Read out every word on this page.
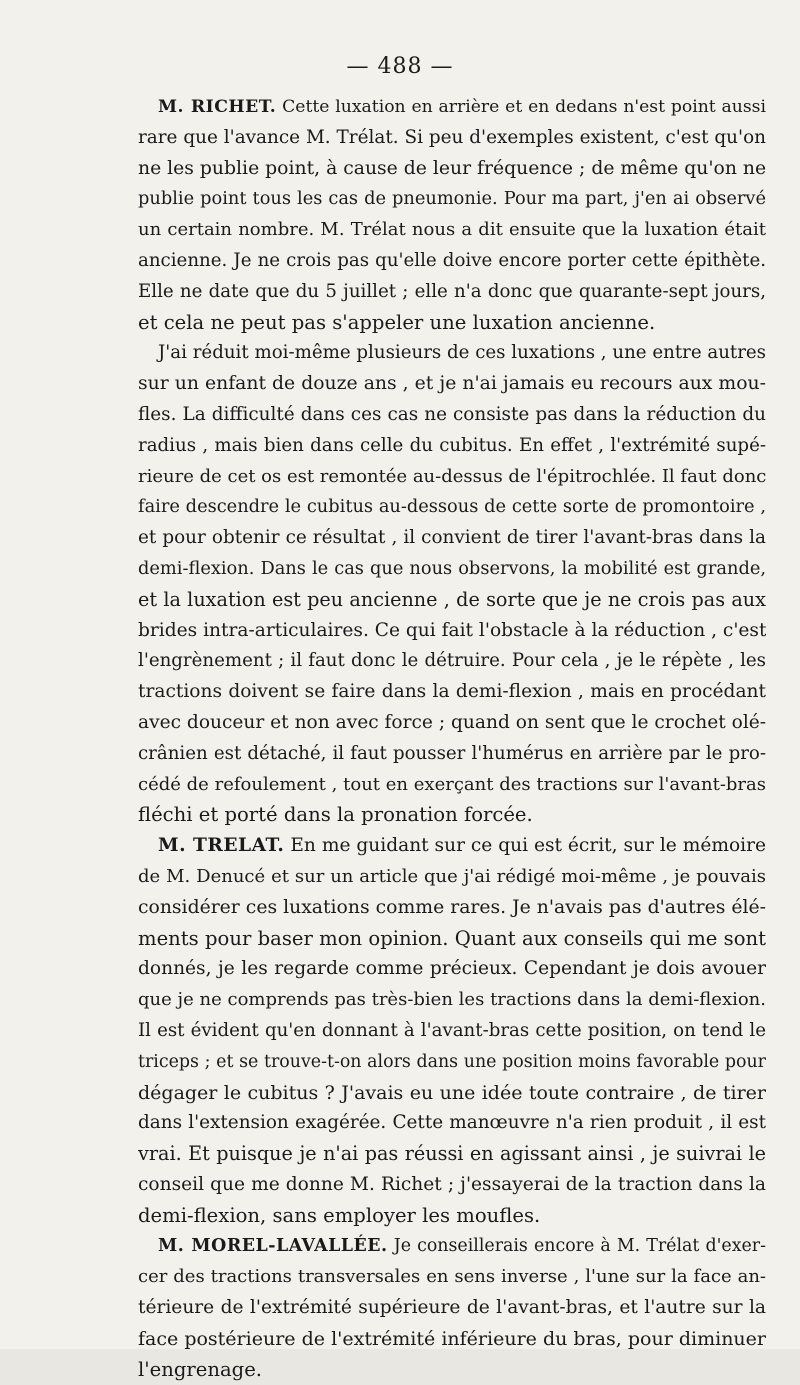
— 488 —
M. RICHET. Cette luxation en arrière et en dedans n'est point aussi
rare que l'avance M. Trélat. Si peu d'exemples existent, c'est qu'on
ne les publie point, à cause de leur fréquence ; de même qu'on ne
publie point tous les cas de pneumonie. Pour ma part, j'en ai observé
un certain nombre. M. Trélat nous a dit ensuite que la luxation était
ancienne. Je ne crois pas qu'elle doive encore porter cette épithète.
Elle ne date que du 5 juillet ; elle n'a donc que quarante-sept jours,
et cela ne peut pas s'appeler une luxation ancienne.
J'ai réduit moi-même plusieurs de ces luxations , une entre autres
sur un enfant de douze ans , et je n'ai jamais eu recours aux mou-
fles. La difficulté dans ces cas ne consiste pas dans la réduction du
radius , mais bien dans celle du cubitus. En effet , l'extrémité supé-
rieure de cet os est remontée au-dessus de l'épitrochlée. Il faut donc
faire descendre le cubitus au-dessous de cette sorte de promontoire ,
et pour obtenir ce résultat , il convient de tirer l'avant-bras dans la
demi-flexion. Dans le cas que nous observons, la mobilité est grande,
et la luxation est peu ancienne , de sorte que je ne crois pas aux
brides intra-articulaires. Ce qui fait l'obstacle à la réduction , c'est
l'engrènement ; il faut donc le détruire. Pour cela , je le répète , les
tractions doivent se faire dans la demi-flexion , mais en procédant
avec douceur et non avec force ; quand on sent que le crochet olé-
crânien est détaché, il faut pousser l'humérus en arrière par le pro-
cédé de refoulement , tout en exerçant des tractions sur l'avant-bras
fléchi et porté dans la pronation forcée.
M. TRELAT. En me guidant sur ce qui est écrit, sur le mémoire
de M. Denucé et sur un article que j'ai rédigé moi-même , je pouvais
considérer ces luxations comme rares. Je n'avais pas d'autres élé-
ments pour baser mon opinion. Quant aux conseils qui me sont
donnés, je les regarde comme précieux. Cependant je dois avouer
que je ne comprends pas très-bien les tractions dans la demi-flexion.
Il est évident qu'en donnant à l'avant-bras cette position, on tend le
triceps ; et se trouve-t-on alors dans une position moins favorable pour
dégager le cubitus ? J'avais eu une idée toute contraire , de tirer
dans l'extension exagérée. Cette manœuvre n'a rien produit , il est
vrai. Et puisque je n'ai pas réussi en agissant ainsi , je suivrai le
conseil que me donne M. Richet ; j'essayerai de la traction dans la
demi-flexion, sans employer les moufles.
M. MOREL-LAVALLÉE. Je conseillerais encore à M. Trélat d'exer-
cer des tractions transversales en sens inverse , l'une sur la face an-
térieure de l'extrémité supérieure de l'avant-bras, et l'autre sur la
face postérieure de l'extrémité inférieure du bras, pour diminuer
l'engrenage.
